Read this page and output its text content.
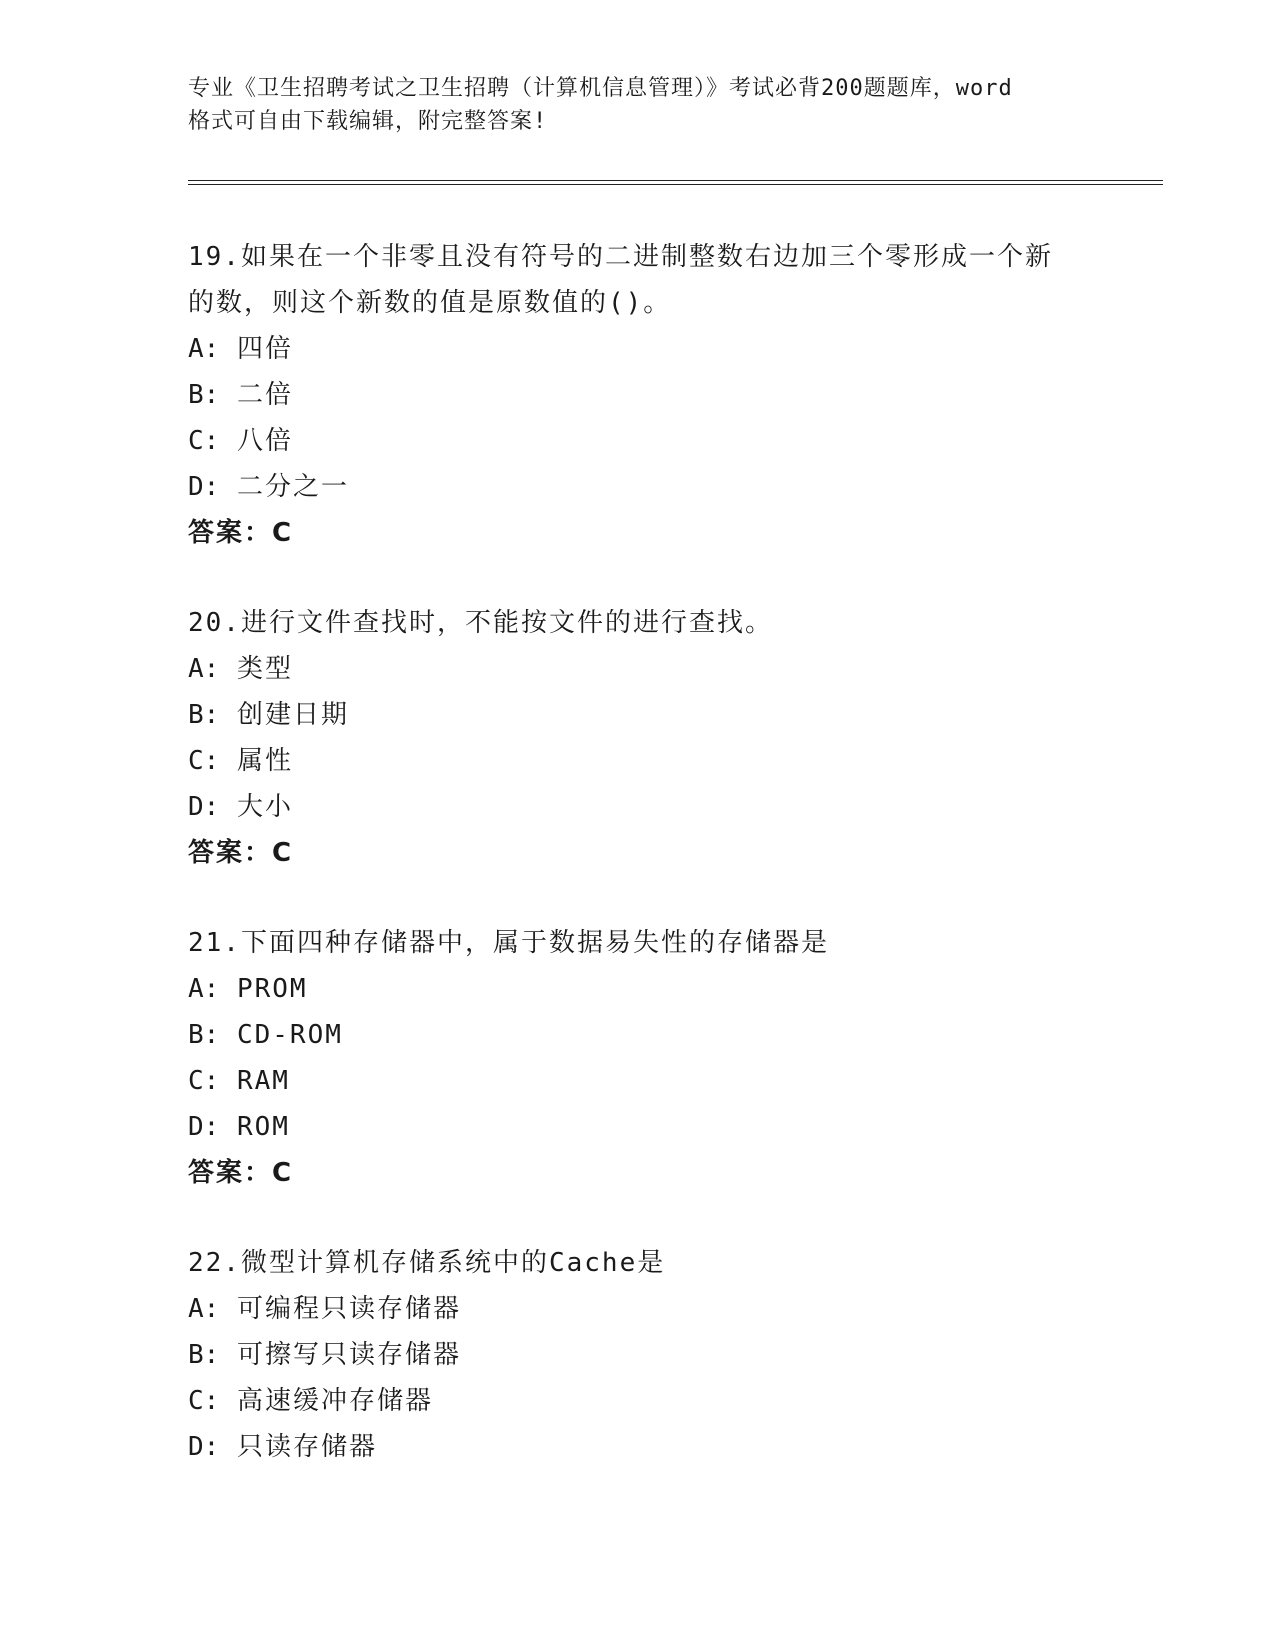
专业《卫生招聘考试之卫生招聘（计算机信息管理）》考试必背200题题库，word
格式可自由下载编辑，附完整答案!
19.如果在一个非零且没有符号的二进制整数右边加三个零形成一个新
的数，则这个新数的值是原数值的()。
A: 四倍
B: 二倍
C: 八倍
D: 二分之一
答案：C
20.进行文件查找时，不能按文件的进行查找。
A: 类型
B: 创建日期
C: 属性
D: 大小
答案：C
21.下面四种存储器中，属于数据易失性的存储器是
A: PROM
B: CD-ROM
C: RAM
D: ROM
答案：C
22.微型计算机存储系统中的Cache是
A: 可编程只读存储器
B: 可擦写只读存储器
C: 高速缓冲存储器
D: 只读存储器
